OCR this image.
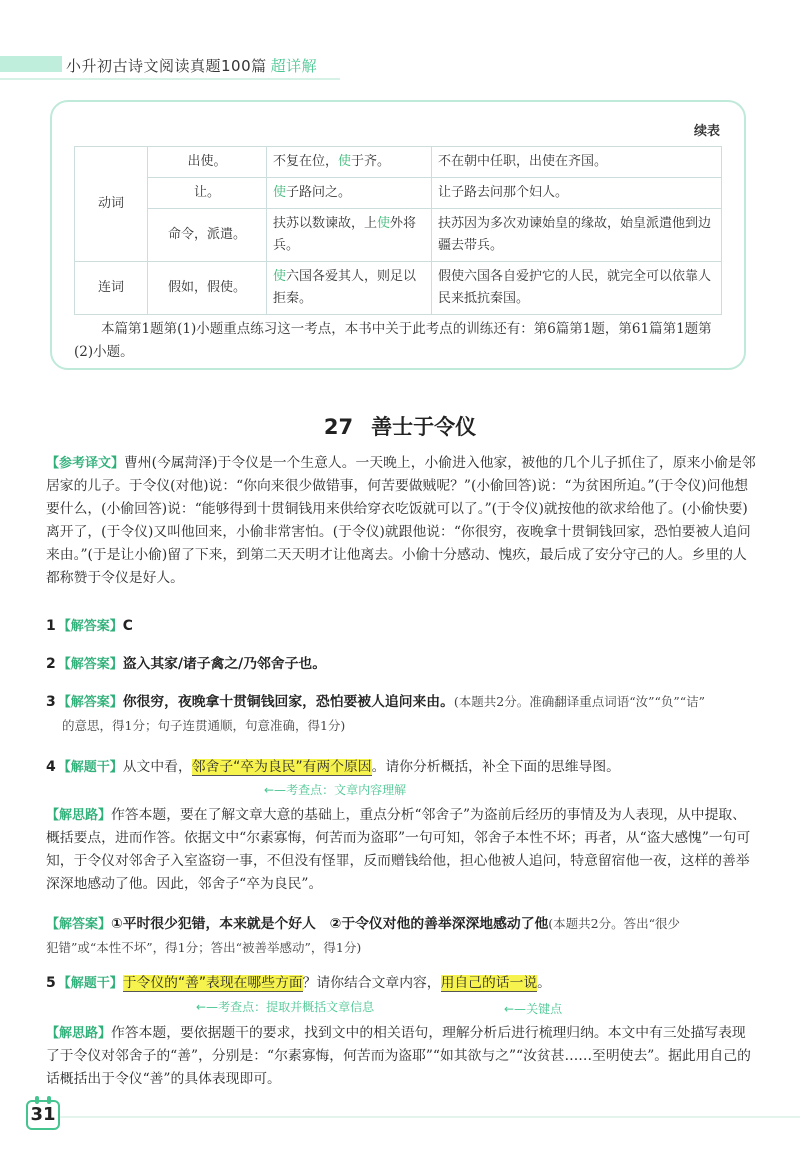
小升初古诗文阅读真题100篇 超详解
续表
动词	出使。	不复在位，使于齐。	不在朝中任职，出使在齐国。
	让。	使子路问之。	让子路去问那个妇人。
	命令，派遣。	扶苏以数谏故，上使外将兵。	扶苏因为多次劝谏始皇的缘故，始皇派遣他到边疆去带兵。
连词	假如，假使。	使六国各爱其人，则足以拒秦。	假使六国各自爱护它的人民，就完全可以依靠人民来抵抗秦国。
本篇第1题第(1)小题重点练习这一考点，本书中关于此考点的训练还有：第6篇第1题，第61篇第1题第(2)小题。
27 善士于令仪
【参考译文】曹州(今属菏泽)于令仪是一个生意人。一天晚上，小偷进入他家，被他的几个儿子抓住了，原来小偷是邻居家的儿子。于令仪(对他)说：“你向来很少做错事，何苦要做贼呢？”(小偷回答)说：“为贫困所迫。”(于令仪)问他想要什么，(小偷回答)说：“能够得到十贯铜钱用来供给穿衣吃饭就可以了。”(于令仪)就按他的欲求给他了。(小偷快要)离开了，(于令仪)又叫他回来，小偷非常害怕。(于令仪)就跟他说：“你很穷，夜晚拿十贯铜钱回家，恐怕要被人追问来由。”(于是让小偷)留了下来，到第二天天明才让他离去。小偷十分感动、愧疚，最后成了安分守己的人。乡里的人都称赞于令仪是好人。
1 【解答案】C
2 【解答案】盗入其家/诸子禽之/乃邻舍子也。
3 【解答案】你很穷，夜晚拿十贯铜钱回家，恐怕要被人追问来由。(本题共2分。准确翻译重点词语“汝”“负”“诘”
的意思，得1分；句子连贯通顺，句意准确，得1分)
4 【解题干】从文中看，邻舍子“卒为良民”有两个原因。请你分析概括，补全下面的思维导图。
←—考查点：文章内容理解
【解思路】作答本题，要在了解文章大意的基础上，重点分析“邻舍子”为盗前后经历的事情及为人表现，从中提取、概括要点，进而作答。依据文中“尔素寡悔，何苦而为盗耶”一句可知，邻舍子本性不坏；再者，从“盗大感愧”一句可知，于令仪对邻舍子入室盗窃一事，不但没有怪罪，反而赠钱给他，担心他被人追问，特意留宿他一夜，这样的善举深深地感动了他。因此，邻舍子“卒为良民”。
【解答案】①平时很少犯错，本来就是个好人　②于令仪对他的善举深深地感动了他(本题共2分。答出“很少
犯错”或“本性不坏”，得1分；答出“被善举感动”，得1分)
5 【解题干】于令仪的“善”表现在哪些方面？请你结合文章内容，用自己的话一说。
←—考查点：提取并概括文章信息	←—关键点
【解思路】作答本题，要依据题干的要求，找到文中的相关语句，理解分析后进行梳理归纳。本文中有三处描写表现了于令仪对邻舍子的“善”，分别是：“尔素寡悔，何苦而为盗耶”“如其欲与之”“汝贫甚……至明使去”。据此用自己的话概括出于令仪“善”的具体表现即可。
31
